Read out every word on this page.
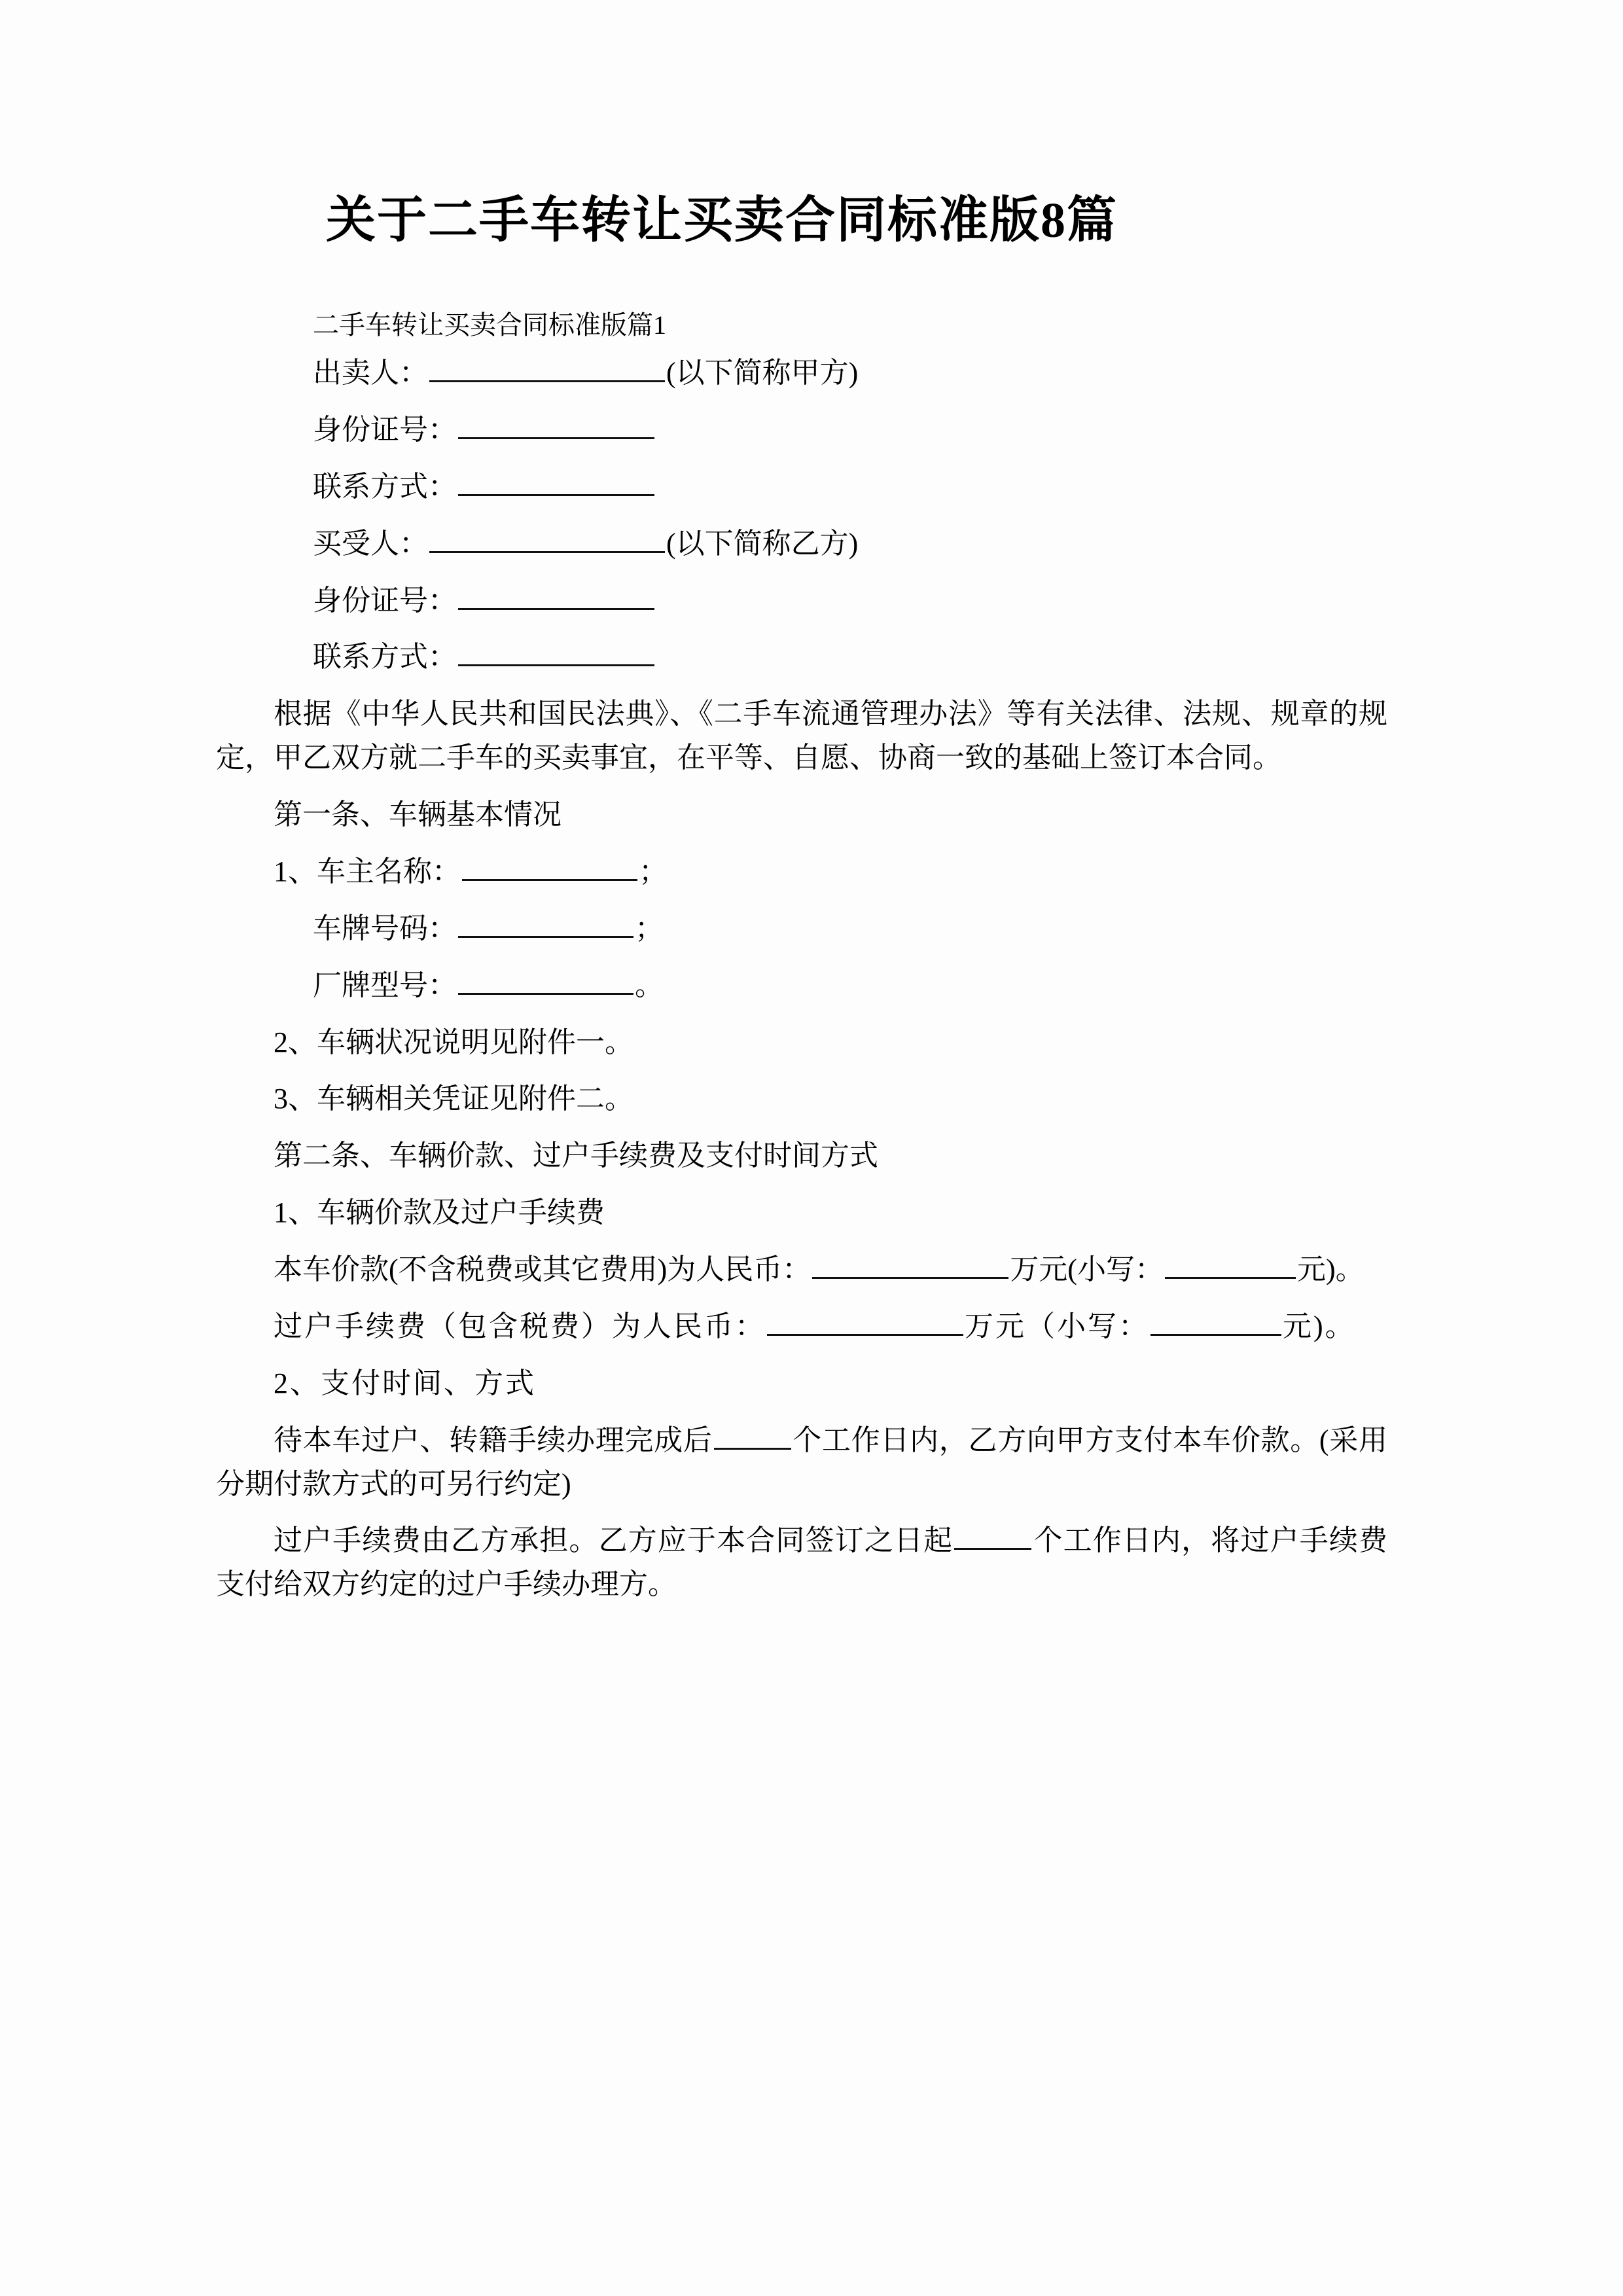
关于二手车转让买卖合同标准版8篇

二手车转让买卖合同标准版篇1

出卖人：	(以下简称甲方)

身份证号：

联系方式：

买受人：	(以下简称乙方)

身份证号：

联系方式：

根据《中华人民共和国民法典》、《二手车流通管理办法》等有关法律、法规、规章的规定，甲乙双方就二手车的买卖事宜，在平等、自愿、协商一致的基础上签订本合同。

第一条、车辆基本情况

1、车主名称：	；

车牌号码：	；

厂牌型号：	。

2、车辆状况说明见附件一。

3、车辆相关凭证见附件二。

第二条、车辆价款、过户手续费及支付时间方式

1、车辆价款及过户手续费

本车价款(不含税费或其它费用)为人民币：	万元(小写：	元)。

过户手续费（包含税费）为人民币：	万元（小写：	元)。

2、支付时间、方式

待本车过户、转籍手续办理完成后	个工作日内，乙方向甲方支付本车价款。(采用分期付款方式的可另行约定)

过户手续费由乙方承担。乙方应于本合同签订之日起	个工作日内，将过户手续费支付给双方约定的过户手续办理方。
